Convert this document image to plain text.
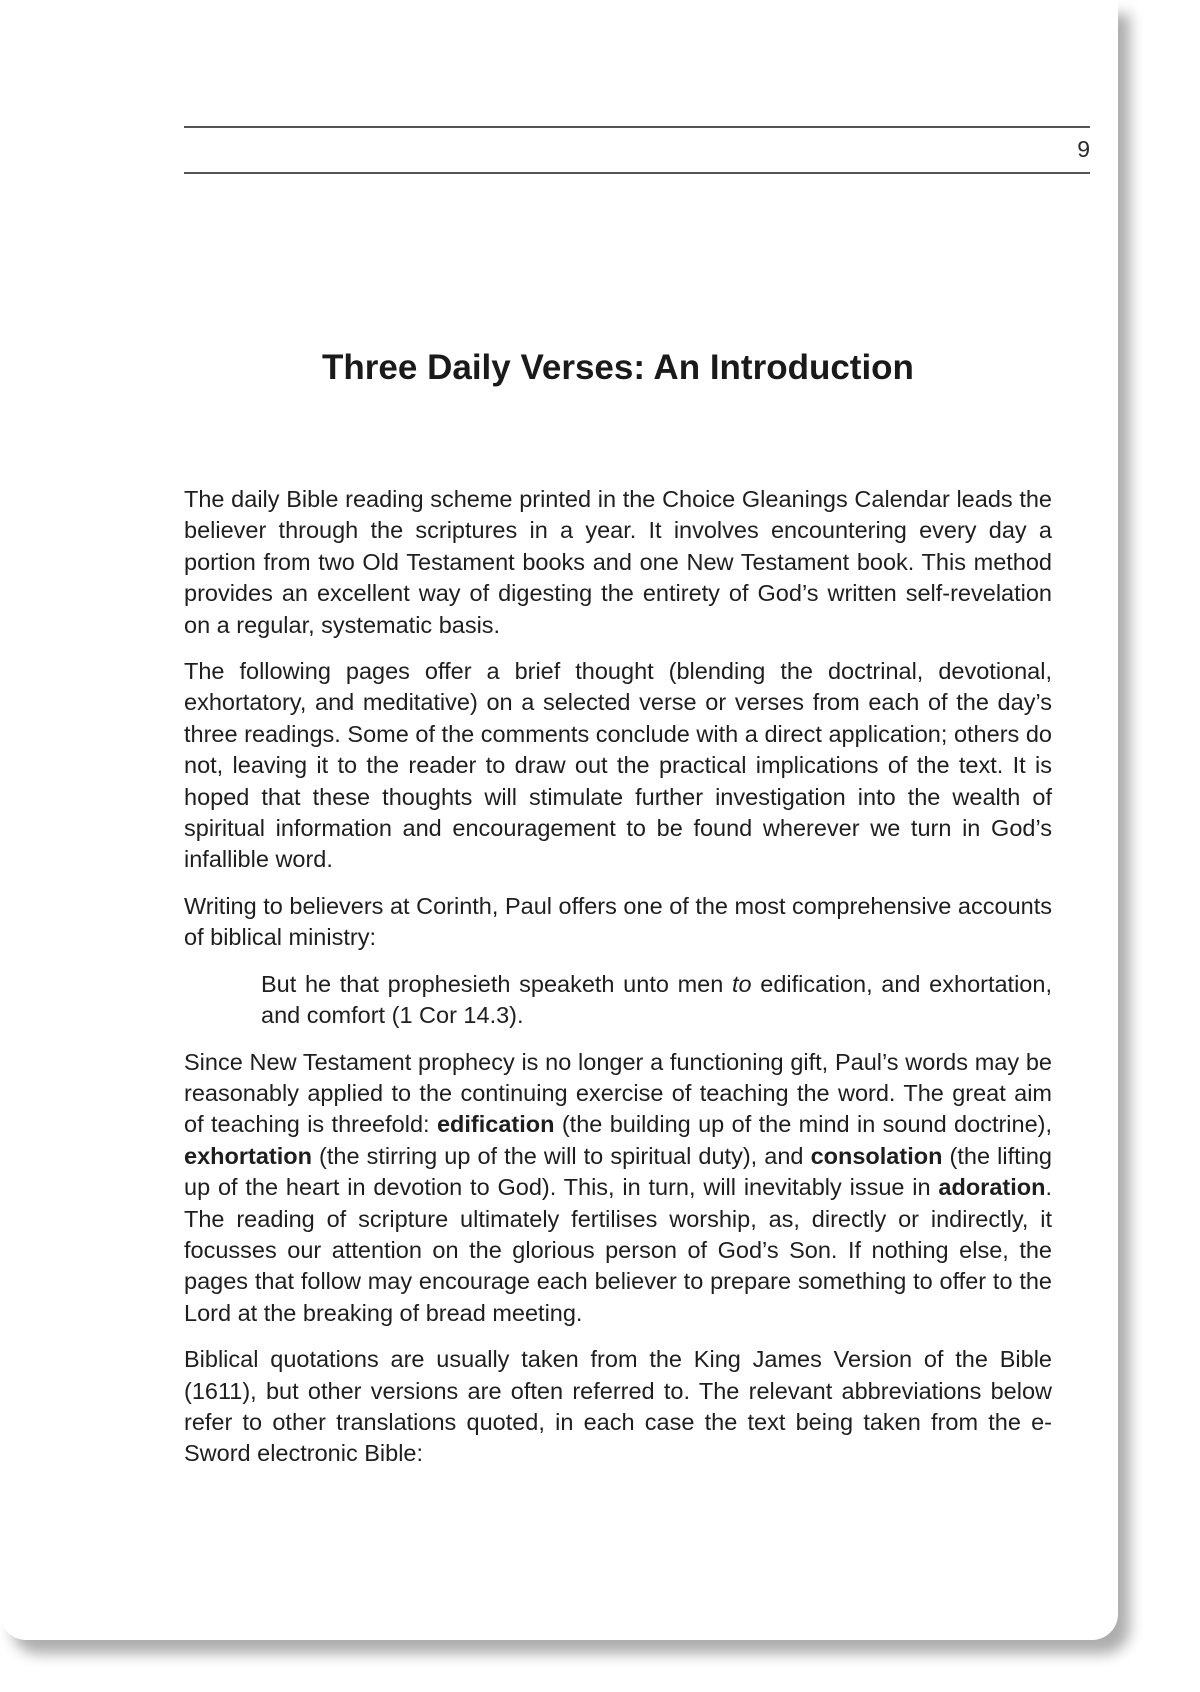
9
Three Daily Verses: An Introduction

The daily Bible reading scheme printed in the Choice Gleanings Calendar leads the believer through the scriptures in a year. It involves encountering every day a portion from two Old Testament books and one New Testament book. This method provides an excellent way of digesting the entirety of God’s written self-revelation on a regular, systematic basis.

The following pages offer a brief thought (blending the doctrinal, devotional, exhortatory, and meditative) on a selected verse or verses from each of the day’s three readings. Some of the comments conclude with a direct application; others do not, leaving it to the reader to draw out the practical implications of the text. It is hoped that these thoughts will stimulate further investigation into the wealth of spiritual information and encouragement to be found wherever we turn in God’s infallible word.

Writing to believers at Corinth, Paul offers one of the most comprehensive accounts of biblical ministry:

But he that prophesieth speaketh unto men to edification, and exhortation, and comfort (1 Cor 14.3).

Since New Testament prophecy is no longer a functioning gift, Paul’s words may be reasonably applied to the continuing exercise of teaching the word. The great aim of teaching is threefold: edification (the building up of the mind in sound doctrine), exhortation (the stirring up of the will to spiritual duty), and consolation (the lifting up of the heart in devotion to God). This, in turn, will inevitably issue in adoration. The reading of scripture ultimately fertilises worship, as, directly or indirectly, it focusses our attention on the glorious person of God’s Son. If nothing else, the pages that follow may encourage each believer to prepare something to offer to the Lord at the breaking of bread meeting.

Biblical quotations are usually taken from the King James Version of the Bible (1611), but other versions are often referred to. The relevant abbreviations below refer to other translations quoted, in each case the text being taken from the e-Sword electronic Bible:
